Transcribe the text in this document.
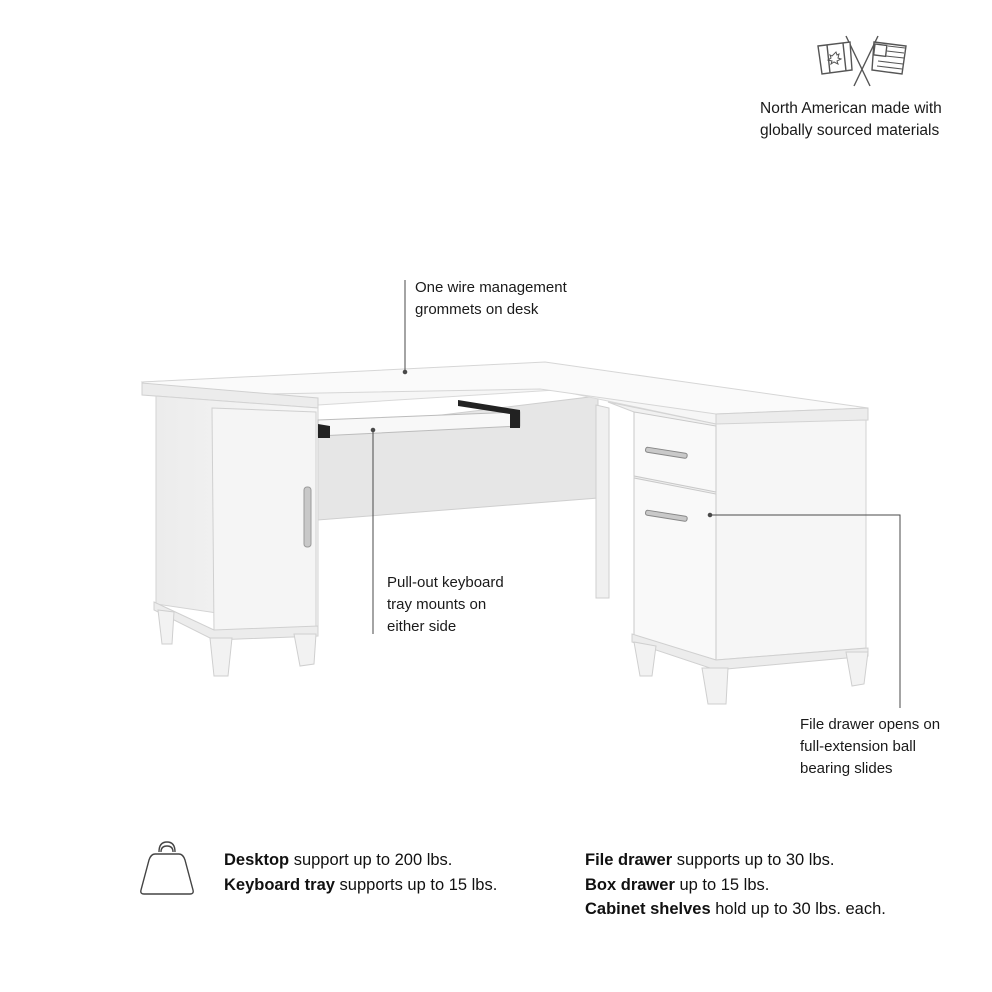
North American made with
globally sourced materials
One wire management
grommets on desk
Pull-out keyboard
tray mounts on
either side
File drawer opens on
full-extension ball
bearing slides
Desktop support up to 200 lbs.
Keyboard tray supports up to 15 lbs.
File drawer supports up to 30 lbs.
Box drawer up to 15 lbs.
Cabinet shelves hold up to 30 lbs. each.
